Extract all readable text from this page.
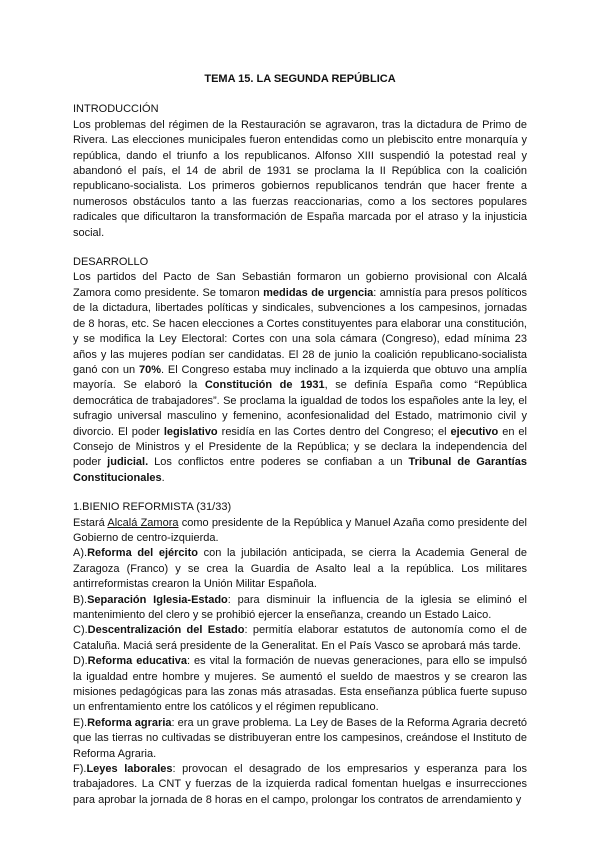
TEMA 15. LA SEGUNDA REPÚBLICA
INTRODUCCIÓN

Los problemas del régimen de la Restauración se agravaron, tras la dictadura de Primo de Rivera. Las elecciones municipales fueron entendidas como un plebiscito entre monarquía y república, dando el triunfo a los republicanos. Alfonso XIII suspendió la potestad real y abandonó el país, el 14 de abril de 1931 se proclama la II República con la coalición republicano-socialista. Los primeros gobiernos republicanos tendrán que hacer frente a numerosos obstáculos tanto a las fuerzas reaccionarias, como a los sectores populares radicales que dificultaron la transformación de España marcada por el atraso y la injusticia social.

DESARROLLO

Los partidos del Pacto de San Sebastián formaron un gobierno provisional con Alcalá Zamora como presidente. Se tomaron medidas de urgencia: amnistía para presos políticos de la dictadura, libertades políticas y sindicales, subvenciones a los campesinos, jornadas de 8 horas, etc. Se hacen elecciones a Cortes constituyentes para elaborar una constitución, y se modifica la Ley Electoral: Cortes con una sola cámara (Congreso), edad mínima 23 años y las mujeres podían ser candidatas. El 28 de junio la coalición republicano-socialista ganó con un 70%. El Congreso estaba muy inclinado a la izquierda que obtuvo una amplía mayoría. Se elaboró la Constitución de 1931, se definía España como “República democrática de trabajadores”. Se proclama la igualdad de todos los españoles ante la ley, el sufragio universal masculino y femenino, aconfesionalidad del Estado, matrimonio civil y divorcio. El poder legislativo residía en las Cortes dentro del Congreso; el ejecutivo en el Consejo de Ministros y el Presidente de la República; y se declara la independencia del poder judicial. Los conflictos entre poderes se confiaban a un Tribunal de Garantías Constitucionales.

1.BIENIO REFORMISTA (31/33)

Estará Alcalá Zamora como presidente de la República y Manuel Azaña como presidente del Gobierno de centro-izquierda.

A).Reforma del ejército con la jubilación anticipada, se cierra la Academia General de Zaragoza (Franco) y se crea la Guardia de Asalto leal a la república. Los militares antirreformistas crearon la Unión Militar Española.

B).Separación Iglesia-Estado: para disminuir la influencia de la iglesia se eliminó el mantenimiento del clero y se prohibió ejercer la enseñanza, creando un Estado Laico.

C).Descentralización del Estado: permitía elaborar estatutos de autonomía como el de Cataluña. Maciá será presidente de la Generalitat. En el País Vasco se aprobará más tarde.

D).Reforma educativa: es vital la formación de nuevas generaciones, para ello se impulsó la igualdad entre hombre y mujeres. Se aumentó el sueldo de maestros y se crearon las misiones pedagógicas para las zonas más atrasadas. Esta enseñanza pública fuerte supuso un enfrentamiento entre los católicos y el régimen republicano.

E).Reforma agraria: era un grave problema. La Ley de Bases de la Reforma Agraria decretó que las tierras no cultivadas se distribuyeran entre los campesinos, creándose el Instituto de Reforma Agraria.

F).Leyes laborales: provocan el desagrado de los empresarios y esperanza para los trabajadores. La CNT y fuerzas de la izquierda radical fomentan huelgas e insurrecciones para aprobar la jornada de 8 horas en el campo, prolongar los contratos de arrendamiento y
